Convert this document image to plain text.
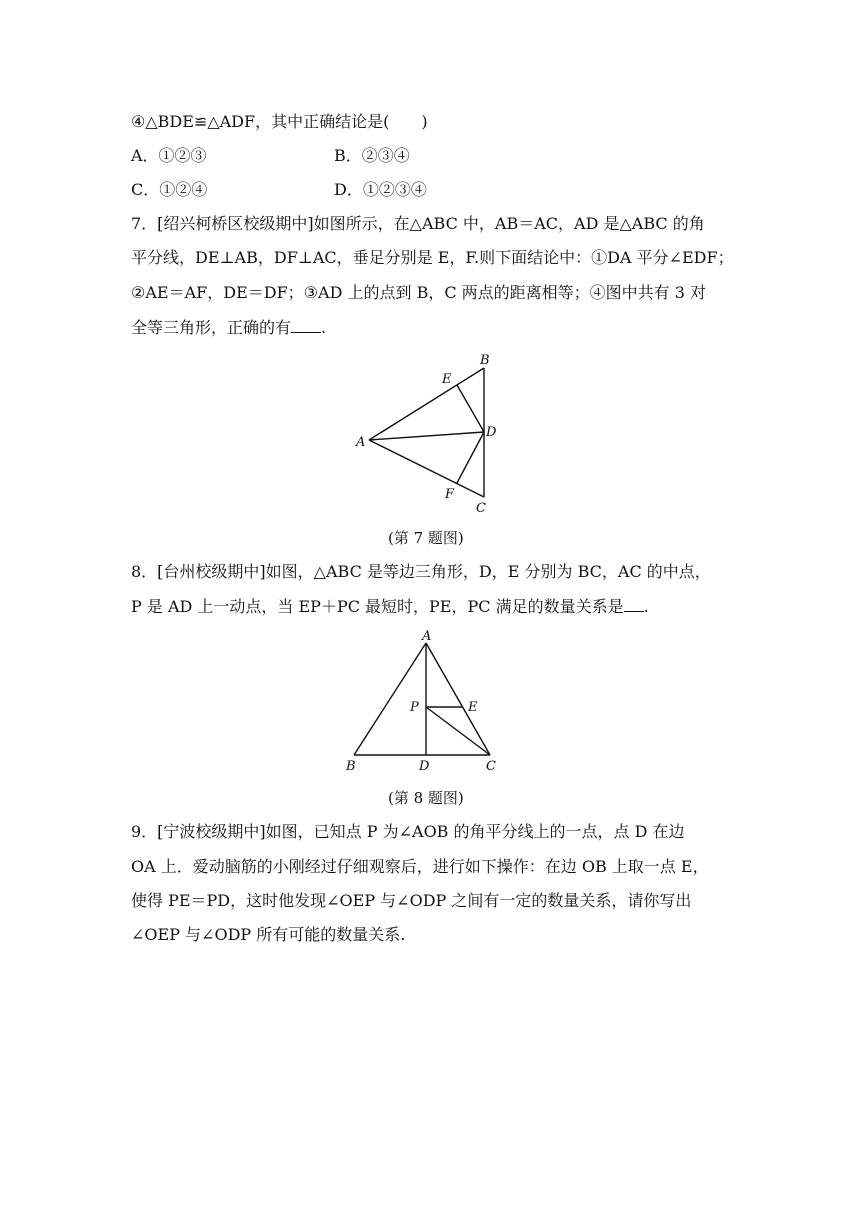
④△BDE≌△ADF，其中正确结论是(　　)
A．①②③	B．②③④
C．①②④	D．①②③④
7．[绍兴柯桥区校级期中]如图所示，在△ABC 中，AB＝AC，AD 是△ABC 的角
平分线，DE⊥AB，DF⊥AC，垂足分别是 E，F.则下面结论中：①DA 平分∠EDF；
②AE＝AF，DE＝DF；③AD 上的点到 B，C 两点的距离相等；④图中共有 3 对
全等三角形，正确的有 .
B
E
A
D
F
C
(第 7 题图)
8．[台州校级期中]如图，△ABC 是等边三角形，D，E 分别为 BC，AC 的中点，
P 是 AD 上一动点，当 EP＋PC 最短时，PE，PC 满足的数量关系是 .
A
P	E
B	D	C
(第 8 题图)
9．[宁波校级期中]如图，已知点 P 为∠AOB 的角平分线上的一点，点 D 在边
OA 上．爱动脑筋的小刚经过仔细观察后，进行如下操作：在边 OB 上取一点 E，
使得 PE＝PD，这时他发现∠OEP 与∠ODP 之间有一定的数量关系，请你写出
∠OEP 与∠ODP 所有可能的数量关系.
